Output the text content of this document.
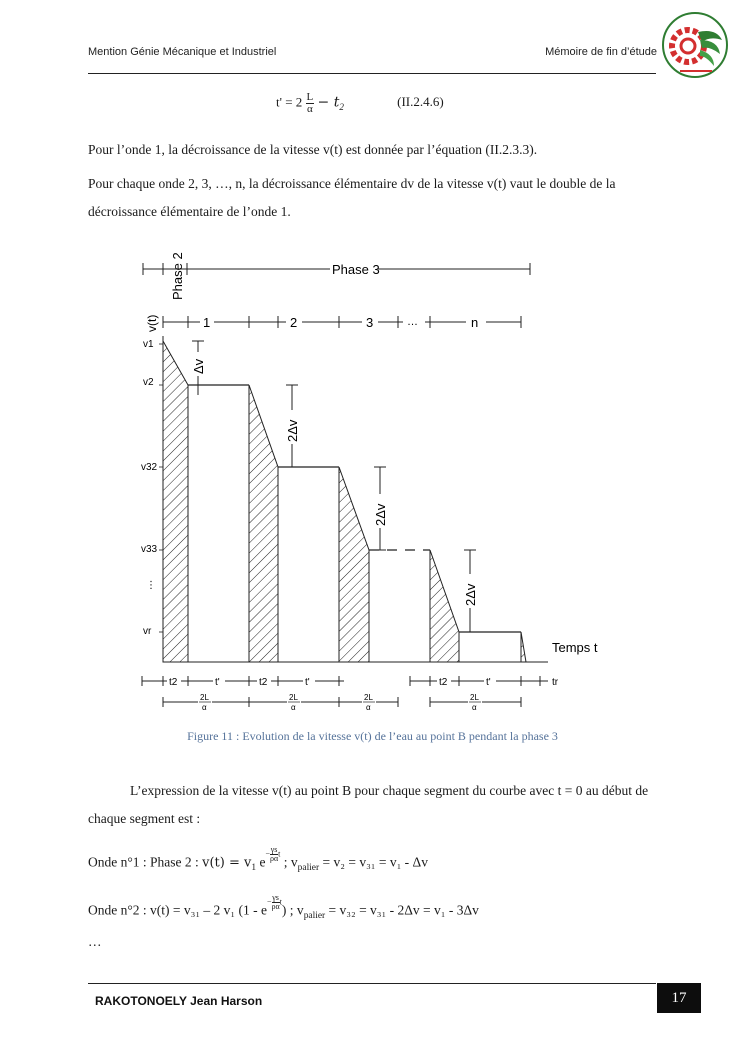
Mention Génie Mécanique et Industriel	Mémoire de fin d’étude
$t' = 2 \frac{L}{\alpha} - t_2$	(II.2.4.6)
Pour l’onde 1, la décroissance de la vitesse v(t) est donnée par l’équation (II.2.3.3).
Pour chaque onde 2, 3, …, n, la décroissance élémentaire dv de la vitesse v(t) vaut le double de la décroissance élémentaire de l’onde 1.
Phase 2	Phase 3
1	2	3	…	n
v(t)
v1
v2
v32
v33
⋮
vr
Δv
2Δv
2Δv
2Δv
Temps t
t2	t'	t2	t'	t2	t'	tr
2L
α
2L
α
2L
α
2L
α
Figure 11 : Evolution de la vitesse v(t) de l’eau au point B pendant la phase 3
L’expression de la vitesse v(t) au point B pour chaque segment du courbe avec t = 0 au début de chaque segment est :
Onde n°1 : Phase 2 : $v(t) = v_1$ $e- \frac{\gamma s}{\rho\alpha}$ t ; $v_{palier} = v_2 = v_{31} = v_1 - \Delta v$
Onde n°2 : v(t) = v₃₁ – 2 v₁ $(1 - e- \frac{\gamma s}{\rho\alpha} t)$ ; $v_{palier} = v_{32} = v_{31} - 2\Delta v = v_1 - 3\Delta v$
…
RAKOTONOELY Jean Harson	17
